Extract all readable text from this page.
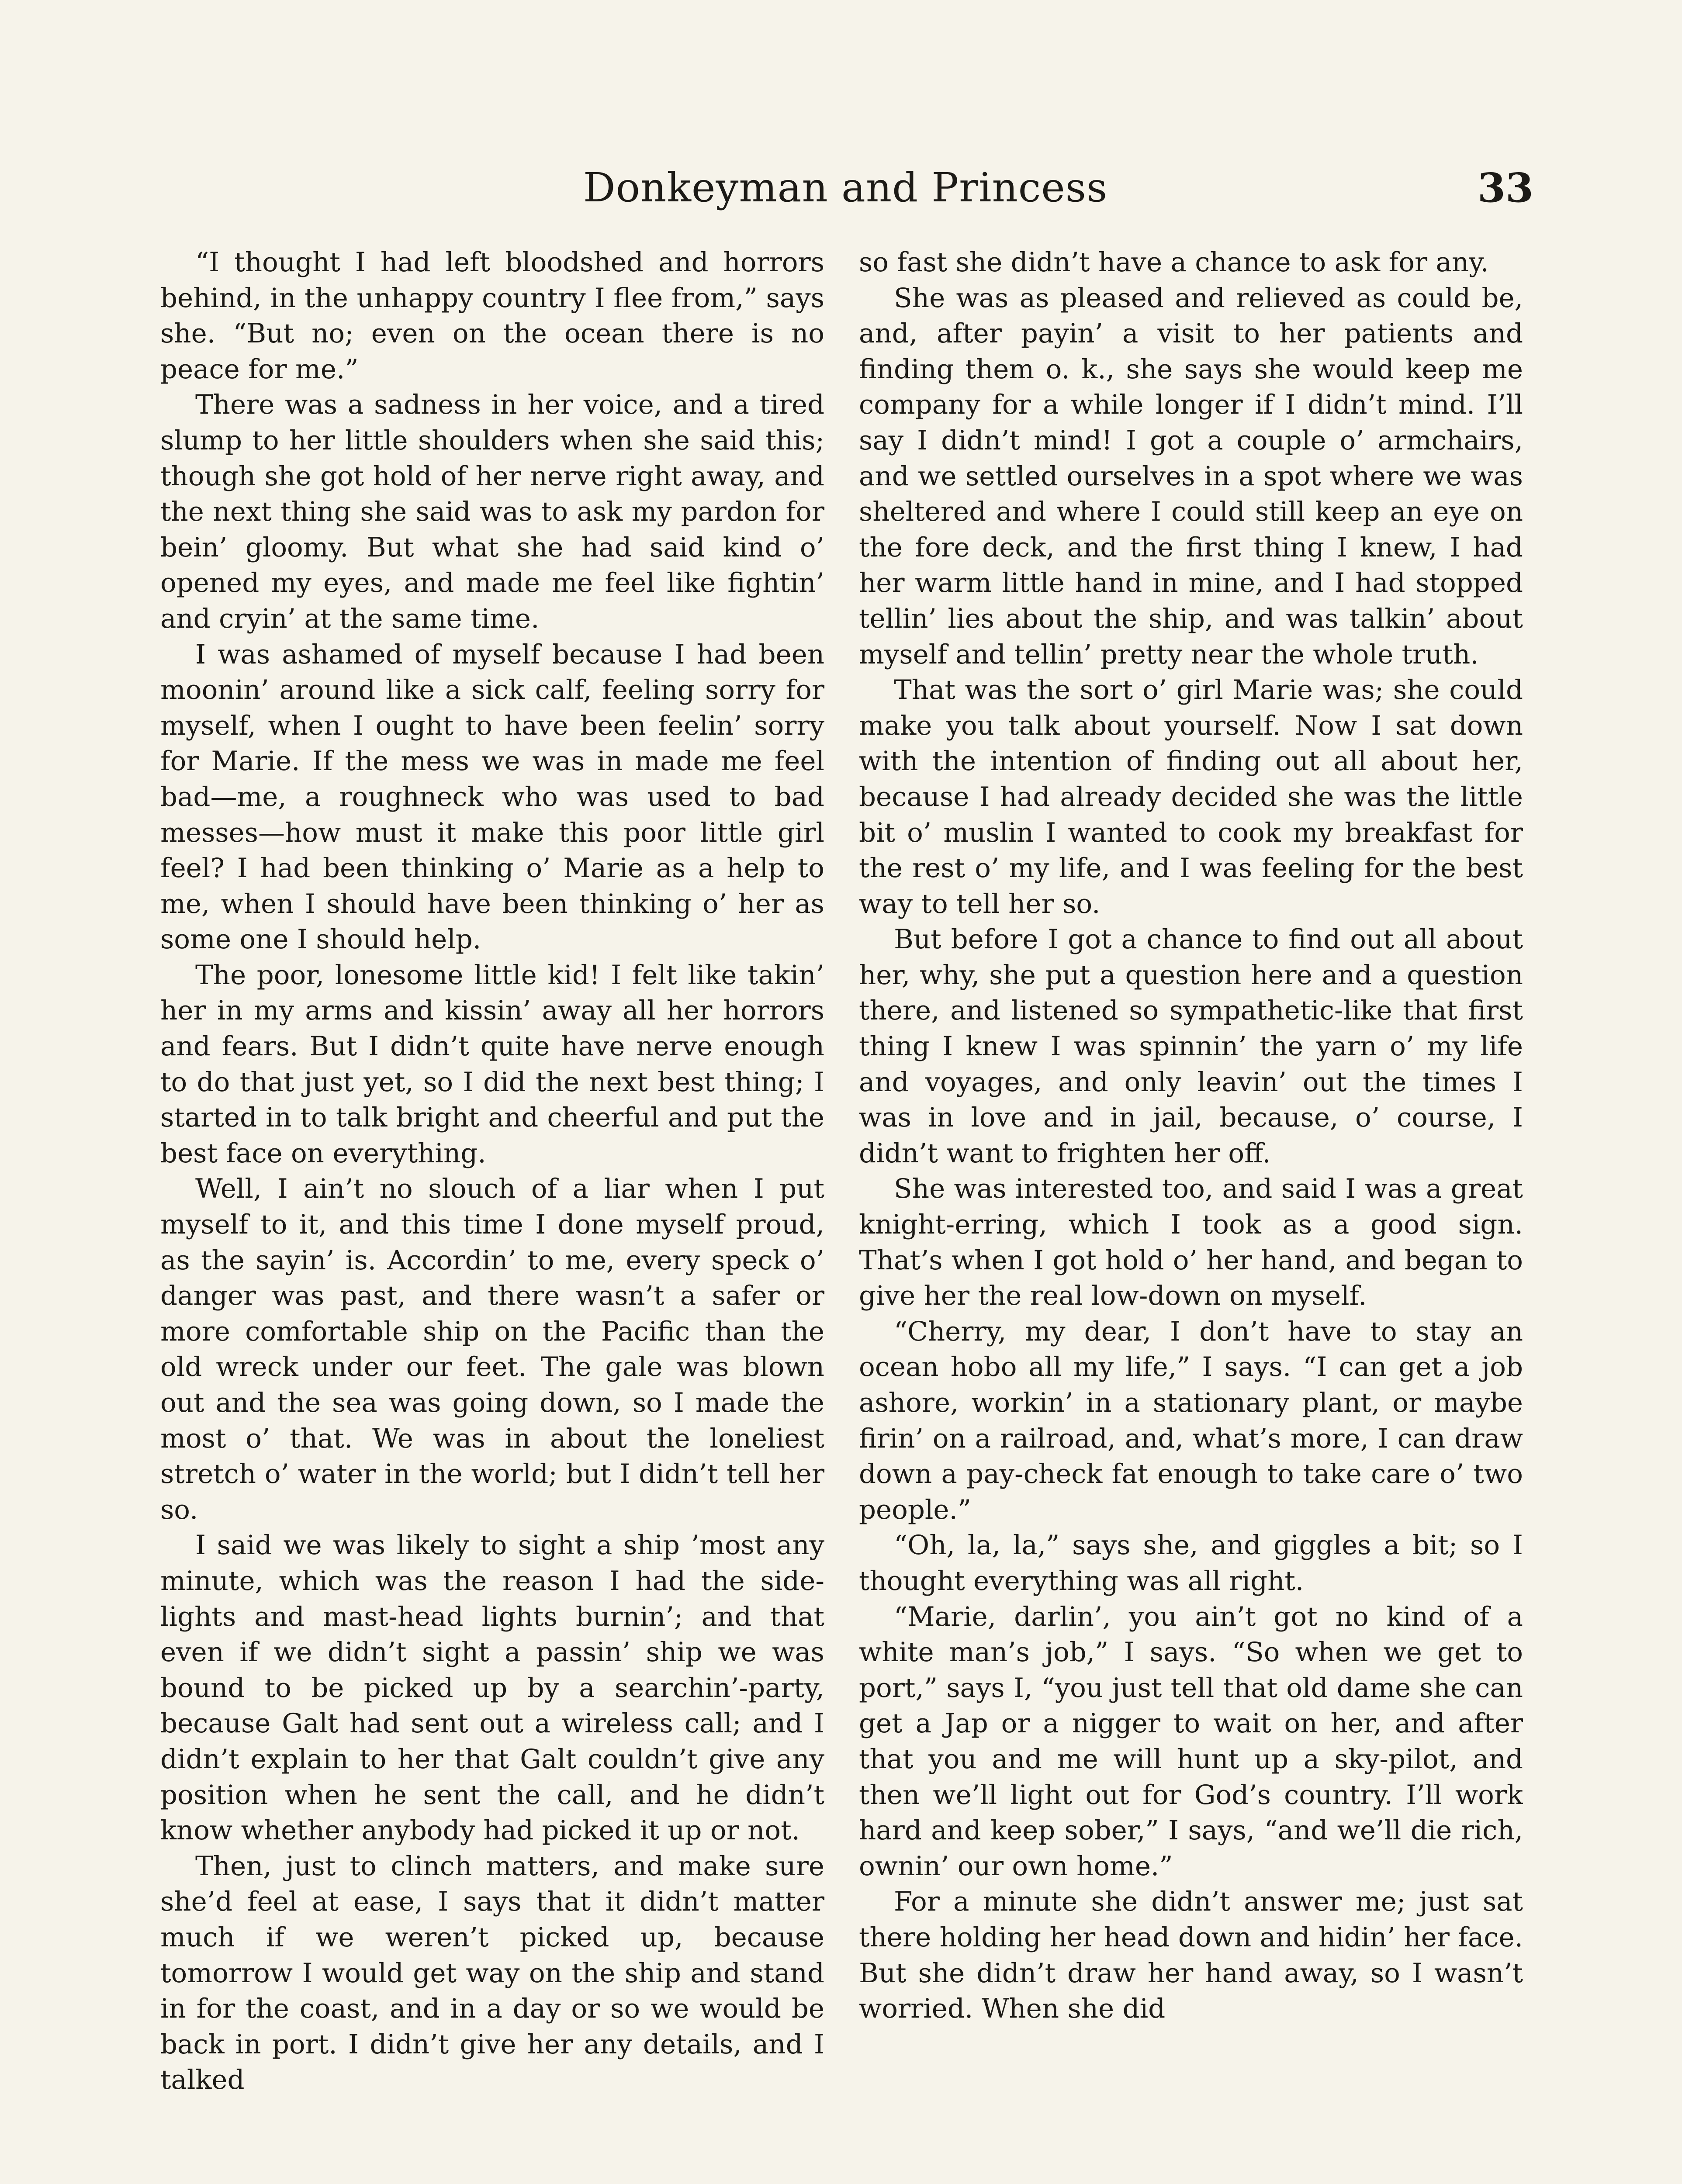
Donkeyman and Princess	33

“I thought I had left bloodshed and horrors behind, in the unhappy country I flee from,” says she. “But no; even on the ocean there is no peace for me.”

There was a sadness in her voice, and a tired slump to her little shoulders when she said this; though she got hold of her nerve right away, and the next thing she said was to ask my pardon for bein’ gloomy. But what she had said kind o’ opened my eyes, and made me feel like fightin’ and cryin’ at the same time.

I was ashamed of myself because I had been moonin’ around like a sick calf, feeling sorry for myself, when I ought to have been feelin’ sorry for Marie. If the mess we was in made me feel bad—me, a roughneck who was used to bad messes—how must it make this poor little girl feel? I had been thinking o’ Marie as a help to me, when I should have been thinking o’ her as some one I should help.

The poor, lonesome little kid! I felt like takin’ her in my arms and kissin’ away all her horrors and fears. But I didn’t quite have nerve enough to do that just yet, so I did the next best thing; I started in to talk bright and cheerful and put the best face on everything.

Well, I ain’t no slouch of a liar when I put myself to it, and this time I done myself proud, as the sayin’ is. Accordin’ to me, every speck o’ danger was past, and there wasn’t a safer or more comfortable ship on the Pacific than the old wreck under our feet. The gale was blown out and the sea was going down, so I made the most o’ that. We was in about the loneliest stretch o’ water in the world; but I didn’t tell her so.

I said we was likely to sight a ship ’most any minute, which was the reason I had the side-lights and mast-head lights burnin’; and that even if we didn’t sight a passin’ ship we was bound to be picked up by a searchin’-party, because Galt had sent out a wireless call; and I didn’t explain to her that Galt couldn’t give any position when he sent the call, and he didn’t know whether anybody had picked it up or not.

Then, just to clinch matters, and make sure she’d feel at ease, I says that it didn’t matter much if we weren’t picked up, because tomorrow I would get way on the ship and stand in for the coast, and in a day or so we would be back in port. I didn’t give her any details, and I talked

so fast she didn’t have a chance to ask for any.

She was as pleased and relieved as could be, and, after payin’ a visit to her patients and finding them o. k., she says she would keep me company for a while longer if I didn’t mind. I’ll say I didn’t mind! I got a couple o’ armchairs, and we settled ourselves in a spot where we was sheltered and where I could still keep an eye on the fore deck, and the first thing I knew, I had her warm little hand in mine, and I had stopped tellin’ lies about the ship, and was talkin’ about myself and tellin’ pretty near the whole truth.

That was the sort o’ girl Marie was; she could make you talk about yourself. Now I sat down with the intention of finding out all about her, because I had already decided she was the little bit o’ muslin I wanted to cook my breakfast for the rest o’ my life, and I was feeling for the best way to tell her so.

But before I got a chance to find out all about her, why, she put a question here and a question there, and listened so sympathetic-like that first thing I knew I was spinnin’ the yarn o’ my life and voyages, and only leavin’ out the times I was in love and in jail, because, o’ course, I didn’t want to frighten her off.

She was interested too, and said I was a great knight-erring, which I took as a good sign. That’s when I got hold o’ her hand, and began to give her the real low-down on myself.

“Cherry, my dear, I don’t have to stay an ocean hobo all my life,” I says. “I can get a job ashore, workin’ in a stationary plant, or maybe firin’ on a railroad, and, what’s more, I can draw down a pay-check fat enough to take care o’ two people.”

“Oh, la, la,” says she, and giggles a bit; so I thought everything was all right.

“Marie, darlin’, you ain’t got no kind of a white man’s job,” I says. “So when we get to port,” says I, “you just tell that old dame she can get a Jap or a nigger to wait on her, and after that you and me will hunt up a sky-pilot, and then we’ll light out for God’s country. I’ll work hard and keep sober,” I says, “and we’ll die rich, ownin’ our own home.”

For a minute she didn’t answer me; just sat there holding her head down and hidin’ her face. But she didn’t draw her hand away, so I wasn’t worried. When she did
